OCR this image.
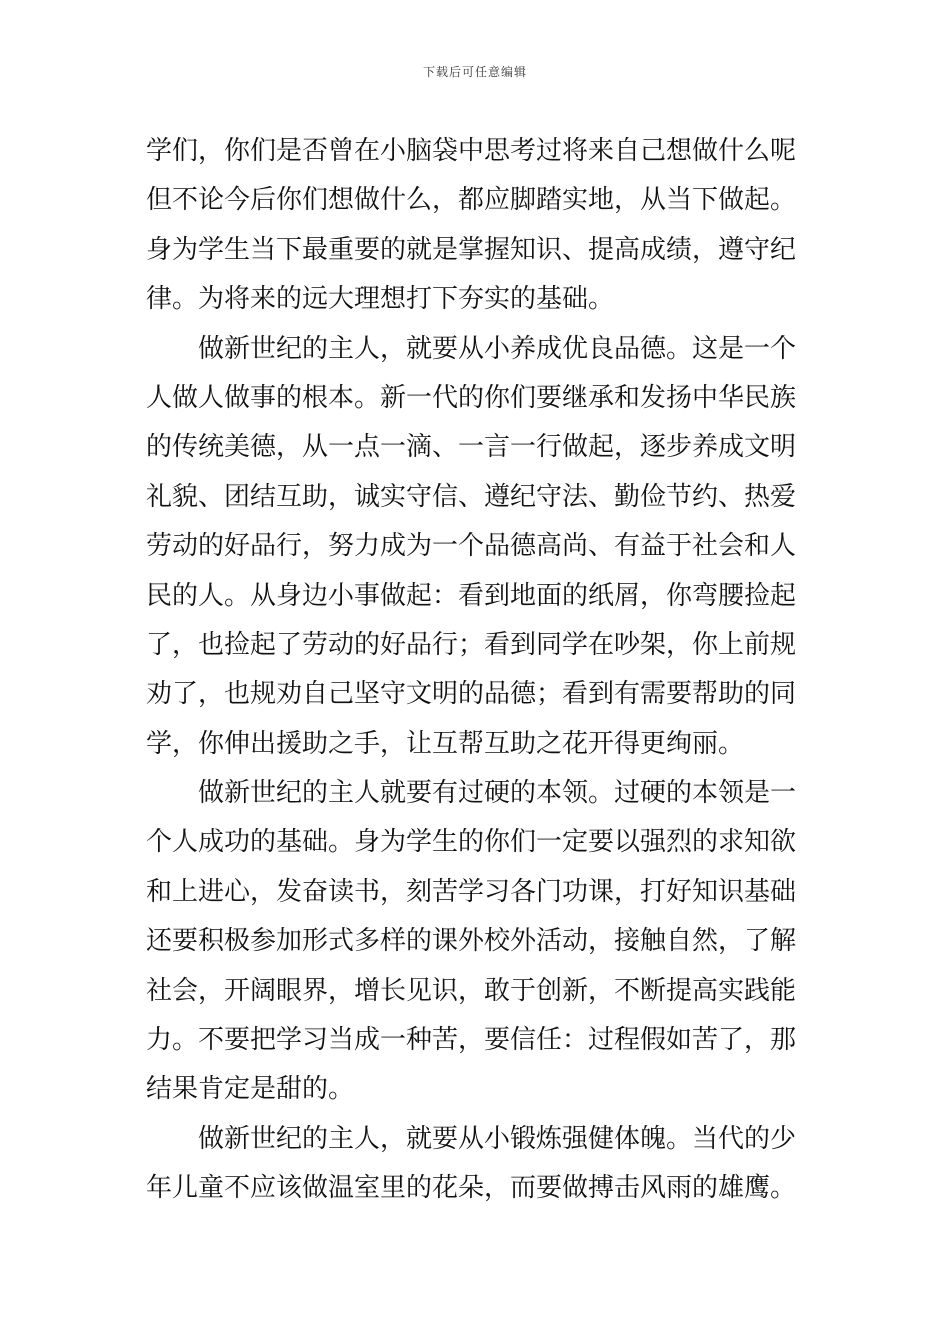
下载后可任意编辑
学们，你们是否曾在小脑袋中思考过将来自己想做什么呢
但不论今后你们想做什么，都应脚踏实地，从当下做起。
身为学生当下最重要的就是掌握知识、提高成绩，遵守纪
律。为将来的远大理想打下夯实的基础。
做新世纪的主人，就要从小养成优良品德。这是一个
人做人做事的根本。新一代的你们要继承和发扬中华民族
的传统美德，从一点一滴、一言一行做起，逐步养成文明
礼貌、团结互助，诚实守信、遵纪守法、勤俭节约、热爱
劳动的好品行，努力成为一个品德高尚、有益于社会和人
民的人。从身边小事做起：看到地面的纸屑，你弯腰捡起
了，也捡起了劳动的好品行；看到同学在吵架，你上前规
劝了，也规劝自己坚守文明的品德；看到有需要帮助的同
学，你伸出援助之手，让互帮互助之花开得更绚丽。
做新世纪的主人就要有过硬的本领。过硬的本领是一
个人成功的基础。身为学生的你们一定要以强烈的求知欲
和上进心，发奋读书，刻苦学习各门功课，打好知识基础
还要积极参加形式多样的课外校外活动，接触自然，了解
社会，开阔眼界，增长见识，敢于创新，不断提高实践能
力。不要把学习当成一种苦，要信任：过程假如苦了，那
结果肯定是甜的。
做新世纪的主人，就要从小锻炼强健体魄。当代的少
年儿童不应该做温室里的花朵，而要做搏击风雨的雄鹰。
